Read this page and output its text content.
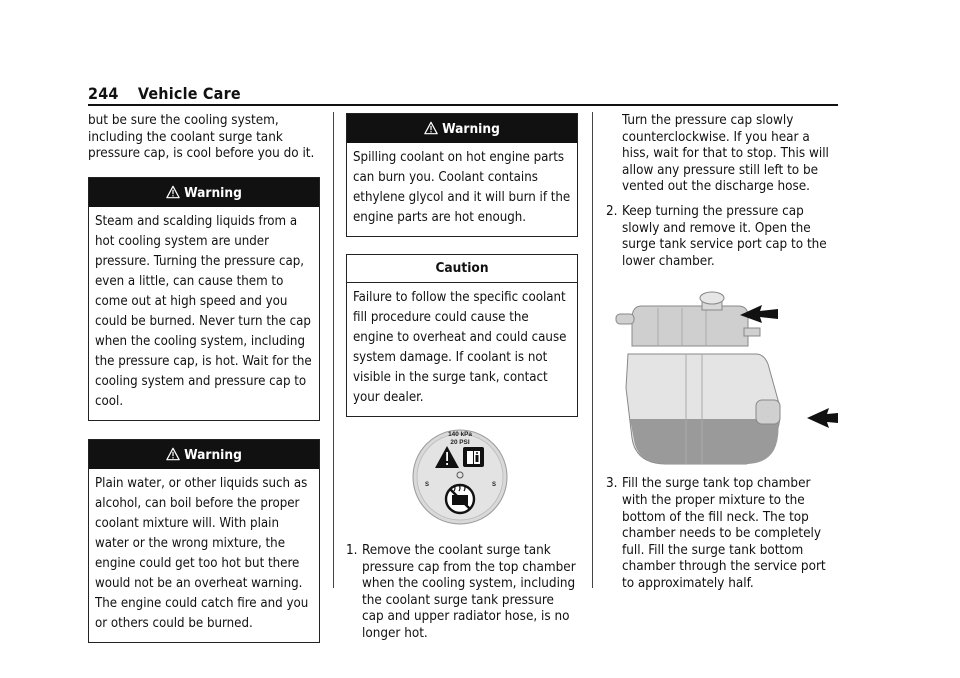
244 Vehicle Care

but be sure the cooling system, including the coolant surge tank pressure cap, is cool before you do it.

Warning
Steam and scalding liquids from a hot cooling system are under pressure. Turning the pressure cap, even a little, can cause them to come out at high speed and you could be burned. Never turn the cap when the cooling system, including the pressure cap, is hot. Wait for the cooling system and pressure cap to cool.
Warning
Plain water, or other liquids such as alcohol, can boil before the proper coolant mixture will. With plain water or the wrong mixture, the engine could get too hot but there would not be an overheat warning. The engine could catch fire and you or others could be burned.
Warning
Spilling coolant on hot engine parts can burn you. Coolant contains ethylene glycol and it will burn if the engine parts are hot enough.
Caution
Failure to follow the specific coolant fill procedure could cause the engine to overheat and could cause system damage. If coolant is not visible in the surge tank, contact your dealer.
140 kPa
20 PSI
S	S
1. Remove the coolant surge tank pressure cap from the top chamber when the cooling system, including the coolant surge tank pressure cap and upper radiator hose, is no longer hot.

Turn the pressure cap slowly counterclockwise. If you hear a hiss, wait for that to stop. This will allow any pressure still left to be vented out the discharge hose.

2. Keep turning the pressure cap slowly and remove it. Open the surge tank service port cap to the lower chamber.
3. Fill the surge tank top chamber with the proper mixture to the bottom of the fill neck. The top chamber needs to be completely full. Fill the surge tank bottom chamber through the service port to approximately half.
